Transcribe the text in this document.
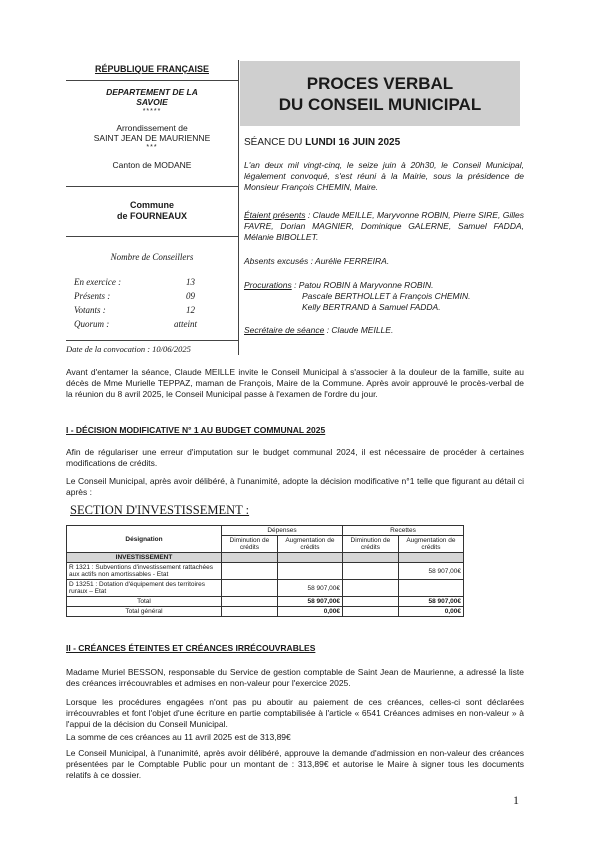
RÉPUBLIQUE FRANÇAISE
DEPARTEMENT DE LA
SAVOIE
*****
Arrondissement de
SAINT JEAN DE MAURIENNE
***
Canton de MODANE
Commune
de FOURNEAUX
Nombre de Conseillers
En exercice :	13
Présents :	09
Votants :	12
Quorum :	atteint
Date de la convocation : 10/06/2025
PROCES VERBAL
DU CONSEIL MUNICIPAL
SÉANCE DU LUNDI 16 JUIN 2025
L'an deux mil vingt-cinq, le seize juin à 20h30, le Conseil Municipal, légalement convoqué, s'est réuni à la Mairie, sous la présidence de Monsieur François CHEMIN, Maire.
Étaient présents : Claude MEILLE, Maryvonne ROBIN, Pierre SIRE, Gilles FAVRE, Dorian MAGNIER, Dominique GALERNE, Samuel FADDA, Mélanie BIBOLLET.
Absents excusés : Aurélie FERREIRA.
Procurations : Patou ROBIN à Maryvonne ROBIN.
Pascale BERTHOLLET à François CHEMIN.
Kelly BERTRAND à Samuel FADDA.
Secrétaire de séance : Claude MEILLE.
Avant d'entamer la séance, Claude MEILLE invite le Conseil Municipal à s'associer à la douleur de la famille, suite au décès de Mme Murielle TEPPAZ, maman de François, Maire de la Commune. Après avoir approuvé le procès-verbal de la réunion du 8 avril 2025, le Conseil Municipal passe à l'examen de l'ordre du jour.
I - DÉCISION MODIFICATIVE N° 1 AU BUDGET COMMUNAL 2025
Afin de régulariser une erreur d'imputation sur le budget communal 2024, il est nécessaire de procéder à certaines modifications de crédits.
Le Conseil Municipal, après avoir délibéré, à l'unanimité, adopte la décision modificative n°1 telle que figurant au détail ci après :
SECTION D'INVESTISSEMENT :
Désignation	Dépenses		Recettes	
	Diminution de crédits	Augmentation de crédits	Diminution de crédits	Augmentation de crédits
INVESTISSEMENT				
R 1321 : Subventions d'investissement rattachées aux actifs non amortissables - Etat				58 907,00€
D 13251 : Dotation d'équipement des territoires ruraux – Etat		58 907,00€		
Total		58 907,00€		58 907,00€
Total général		0,00€		0,00€
II - CRÉANCES ÉTEINTES ET CRÉANCES IRRÉCOUVRABLES
Madame Muriel BESSON, responsable du Service de gestion comptable de Saint Jean de Maurienne, a adressé la liste des créances irrécouvrables et admises en non-valeur pour l'exercice 2025.
Lorsque les procédures engagées n'ont pas pu aboutir au paiement de ces créances, celles-ci sont déclarées irrécouvrables et font l'objet d'une écriture en partie comptabilisée à l'article « 6541 Créances admises en non-valeur » à l'appui de la décision du Conseil Municipal.
La somme de ces créances au 11 avril 2025 est de 313,89€
Le Conseil Municipal, à l'unanimité, après avoir délibéré, approuve la demande d'admission en non-valeur des créances présentées par le Comptable Public pour un montant de : 313,89€ et autorise le Maire à signer tous les documents relatifs à ce dossier.
1
